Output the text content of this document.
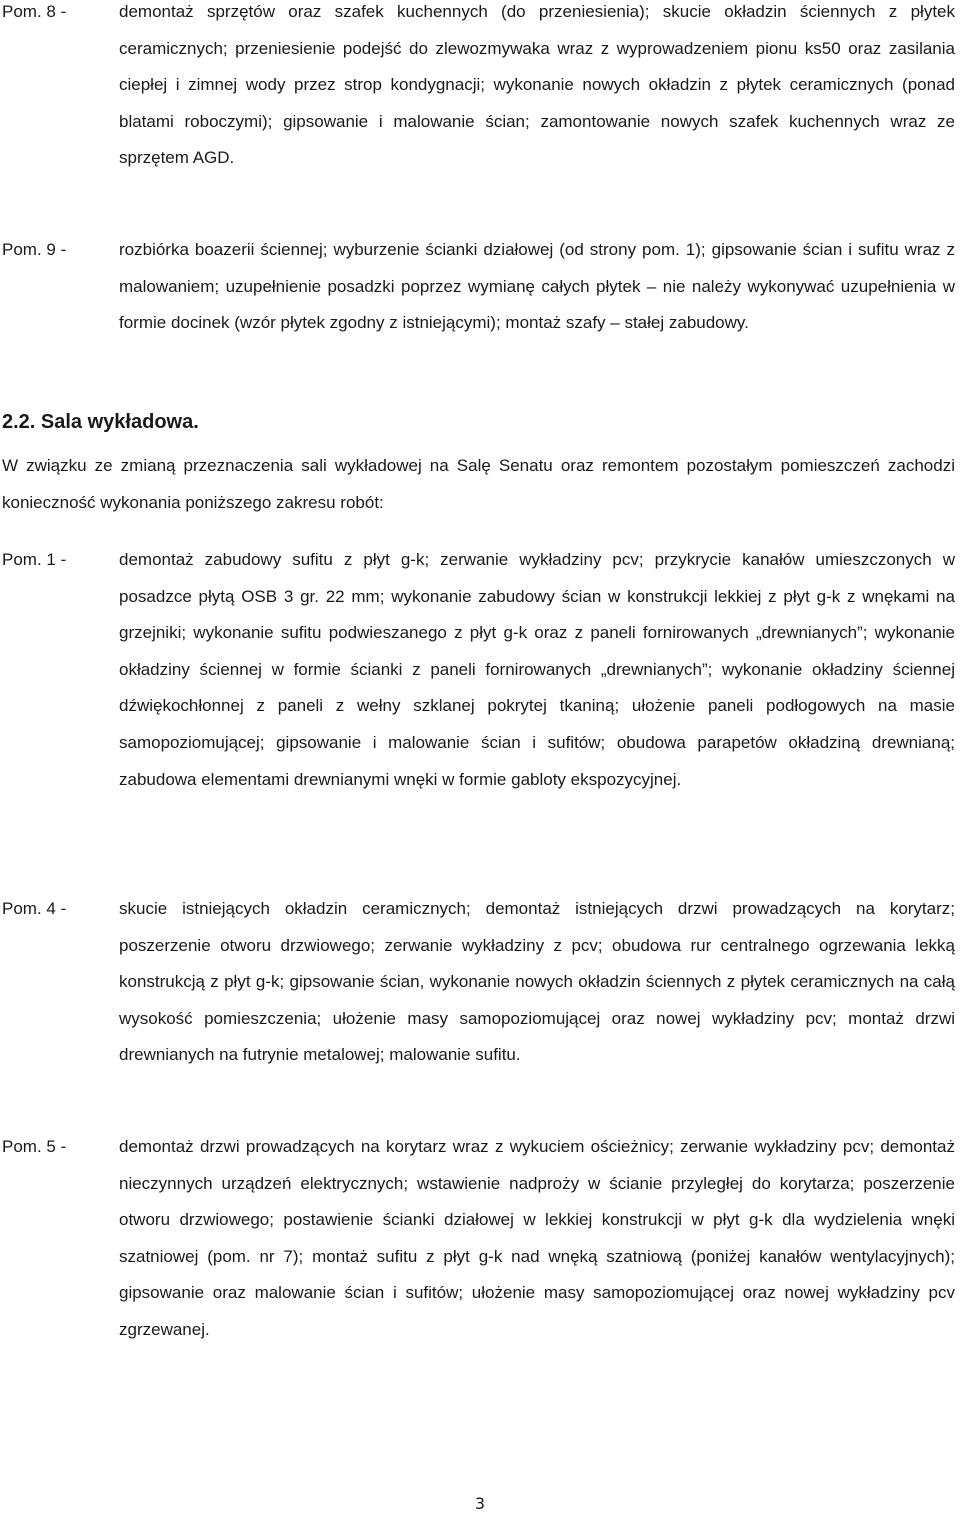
Pom. 8 -	demontaż sprzętów oraz szafek kuchennych (do przeniesienia); skucie okładzin ściennych z płytek ceramicznych; przeniesienie podejść do zlewozmywaka wraz z wyprowadzeniem pionu ks50 oraz zasilania ciepłej i zimnej wody przez strop kondygnacji; wykonanie nowych okładzin z płytek ceramicznych (ponad blatami roboczymi); gipsowanie i malowanie ścian; zamontowanie nowych szafek kuchennych wraz ze sprzętem AGD.
Pom. 9 -	rozbiórka boazerii ściennej; wyburzenie ścianki działowej (od strony pom. 1); gipsowanie ścian i sufitu wraz z malowaniem; uzupełnienie posadzki poprzez wymianę całych płytek – nie należy wykonywać uzupełnienia w formie docinek (wzór płytek zgodny z istniejącymi); montaż szafy – stałej zabudowy.
2.2. Sala wykładowa.
W związku ze zmianą przeznaczenia sali wykładowej na Salę Senatu oraz remontem pozostałym pomieszczeń zachodzi konieczność wykonania poniższego zakresu robót:
Pom. 1 -	demontaż zabudowy sufitu z płyt g-k; zerwanie wykładziny pcv; przykrycie kanałów umieszczonych w posadzce płytą OSB 3 gr. 22 mm; wykonanie zabudowy ścian w konstrukcji lekkiej z płyt g-k z wnękami na grzejniki; wykonanie sufitu podwieszanego z płyt g-k oraz z paneli fornirowanych „drewnianych”; wykonanie okładziny ściennej w formie ścianki z paneli fornirowanych „drewnianych”; wykonanie okładziny ściennej dźwiękochłonnej z paneli z wełny szklanej pokrytej tkaniną; ułożenie paneli podłogowych na masie samopoziomującej; gipsowanie i malowanie ścian i sufitów; obudowa parapetów okładziną drewnianą; zabudowa elementami drewnianymi wnęki w formie gabloty ekspozycyjnej.
Pom. 4 -	skucie istniejących okładzin ceramicznych; demontaż istniejących drzwi prowadzących na korytarz; poszerzenie otworu drzwiowego; zerwanie wykładziny z pcv; obudowa rur centralnego ogrzewania lekką konstrukcją z płyt g-k; gipsowanie ścian, wykonanie nowych okładzin ściennych z płytek ceramicznych na całą wysokość pomieszczenia; ułożenie masy samopoziomującej oraz nowej wykładziny pcv; montaż drzwi drewnianych na futrynie metalowej; malowanie sufitu.
Pom. 5 -	demontaż drzwi prowadzących na korytarz wraz z wykuciem ościeżnicy; zerwanie wykładziny pcv; demontaż nieczynnych urządzeń elektrycznych; wstawienie nadproży w ścianie przyległej do korytarza; poszerzenie otworu drzwiowego; postawienie ścianki działowej w lekkiej konstrukcji w płyt g-k dla wydzielenia wnęki szatniowej (pom. nr 7); montaż sufitu z płyt g-k nad wnęką szatniową (poniżej kanałów wentylacyjnych); gipsowanie oraz malowanie ścian i sufitów; ułożenie masy samopoziomującej oraz nowej wykładziny pcv zgrzewanej.
3
